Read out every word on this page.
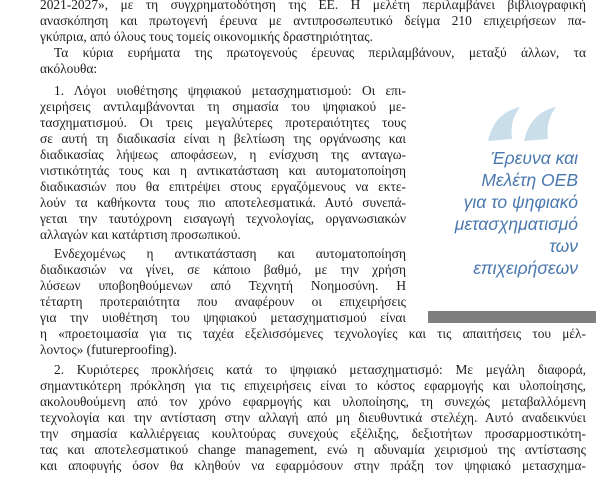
2021-2027», με τη συγχρηματοδότηση της ΕΕ. Η μελέτη περιλαμβάνει βιβλιογραφική

ανασκόπηση και πρωτογενή έρευνα με αντιπροσωπευτικό δείγμα 210 επιχειρήσεων πα-

γκύπρια, από όλους τους τομείς οικονομικής δραστηριότητας.

Τα κύρια ευρήματα της πρωτογενούς έρευνας περιλαμβάνουν, μεταξύ άλλων, τα

ακόλουθα:

1. Λόγοι υιοθέτησης ψηφιακού μετασχηματισμού: Οι επι-

χειρήσεις αντιλαμβάνονται τη σημασία του ψηφιακού με-

τασχηματισμού. Οι τρεις μεγαλύτερες προτεραιότητες τους

σε αυτή τη διαδικασία είναι η βελτίωση της οργάνωσης και

διαδικασίας λήψεως αποφάσεων, η ενίσχυση της ανταγω-

νιστικότητάς τους και η αντικατάσταση και αυτοματοποίηση

διαδικασιών που θα επιτρέψει στους εργαζόμενους να εκτε-

λούν τα καθήκοντα τους πιο αποτελεσματικά. Αυτό συνεπά-

γεται την ταυτόχρονη εισαγωγή τεχνολογίας, οργανωσιακών

αλλαγών και κατάρτιση προσωπικού.

Ενδεχομένως η αντικατάσταση και αυτοματοποίηση

διαδικασιών να γίνει, σε κάποιο βαθμό, με την χρήση

λύσεων υποβοηθούμενων από Τεχνητή Νοημοσύνη. Η

τέταρτη προτεραιότητα που αναφέρουν οι επιχειρήσεις

για την υιοθέτηση του ψηφιακού μετασχηματισμού είναι

η «προετοιμασία για τις ταχέα εξελισσόμενες τεχνολογίες και τις απαιτήσεις του μέλ-

λοντος» (futureproofing).

2. Κυριότερες προκλήσεις κατά το ψηφιακό μετασχηματισμό: Με μεγάλη διαφορά,

σημαντικότερη πρόκληση για τις επιχειρήσεις είναι το κόστος εφαρμογής και υλοποίησης,

ακολουθούμενη από τον χρόνο εφαρμογής και υλοποίησης, τη συνεχώς μεταβαλλόμενη

τεχνολογία και την αντίσταση στην αλλαγή από μη διευθυντικά στελέχη. Αυτό αναδεικνύει

την σημασία καλλιέργειας κουλτούρας συνεχούς εξέλιξης, δεξιοτήτων προσαρμοστικότη-

τας και αποτελεσματικού change management, ενώ η αδυναμία χειρισμού της αντίστασης

και αποφυγής όσον θα κληθούν να εφαρμόσουν στην πράξη τον ψηφιακό μετασχημα-

Έρευνα και

Μελέτη ΟΕΒ

για το ψηφιακό

μετασχηματισμό

των

επιχειρήσεων
